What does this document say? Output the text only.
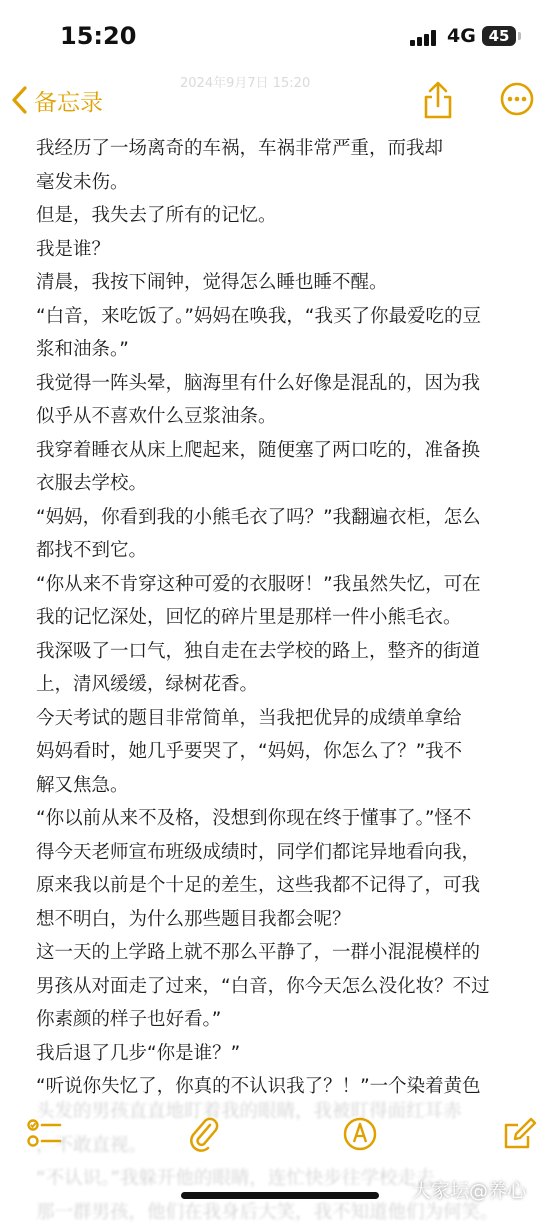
15:20	4G 45
2024年9月7日 15:20
备忘录
我经历了一场离奇的车祸，车祸非常严重，而我却
毫发未伤。
但是，我失去了所有的记忆。
我是谁？
清晨，我按下闹钟，觉得怎么睡也睡不醒。
“白音，来吃饭了。”妈妈在唤我，“我买了你最爱吃的豆
浆和油条。”
我觉得一阵头晕，脑海里有什么好像是混乱的，因为我
似乎从不喜欢什么豆浆油条。
我穿着睡衣从床上爬起来，随便塞了两口吃的，准备换
衣服去学校。
“妈妈，你看到我的小熊毛衣了吗？”我翻遍衣柜，怎么
都找不到它。
“你从来不肯穿这种可爱的衣服呀！”我虽然失忆，可在
我的记忆深处，回忆的碎片里是那样一件小熊毛衣。
我深吸了一口气，独自走在去学校的路上，整齐的街道
上，清风缓缓，绿树花香。
今天考试的题目非常简单，当我把优异的成绩单拿给
妈妈看时，她几乎要哭了，“妈妈，你怎么了？”我不
解又焦急。
“你以前从来不及格，没想到你现在终于懂事了。”怪不
得今天老师宣布班级成绩时，同学们都诧异地看向我，
原来我以前是个十足的差生，这些我都不记得了，可我
想不明白，为什么那些题目我都会呢？
这一天的上学路上就不那么平静了，一群小混混模样的
男孩从对面走了过来，“白音，你今天怎么没化妆？不过
你素颜的样子也好看。”
我后退了几步“你是谁？”
“听说你失忆了，你真的不认识我了？！”一个染着黄色
头发的男孩直直地盯着我的眼睛，我被盯得面红耳赤
，不敢直视。
“不认识。”我躲开他的眼睛，连忙快步往学校走去，
那一群男孩，他们在我身后大笑，我不知道他们为何笑。
大家坛@养心
